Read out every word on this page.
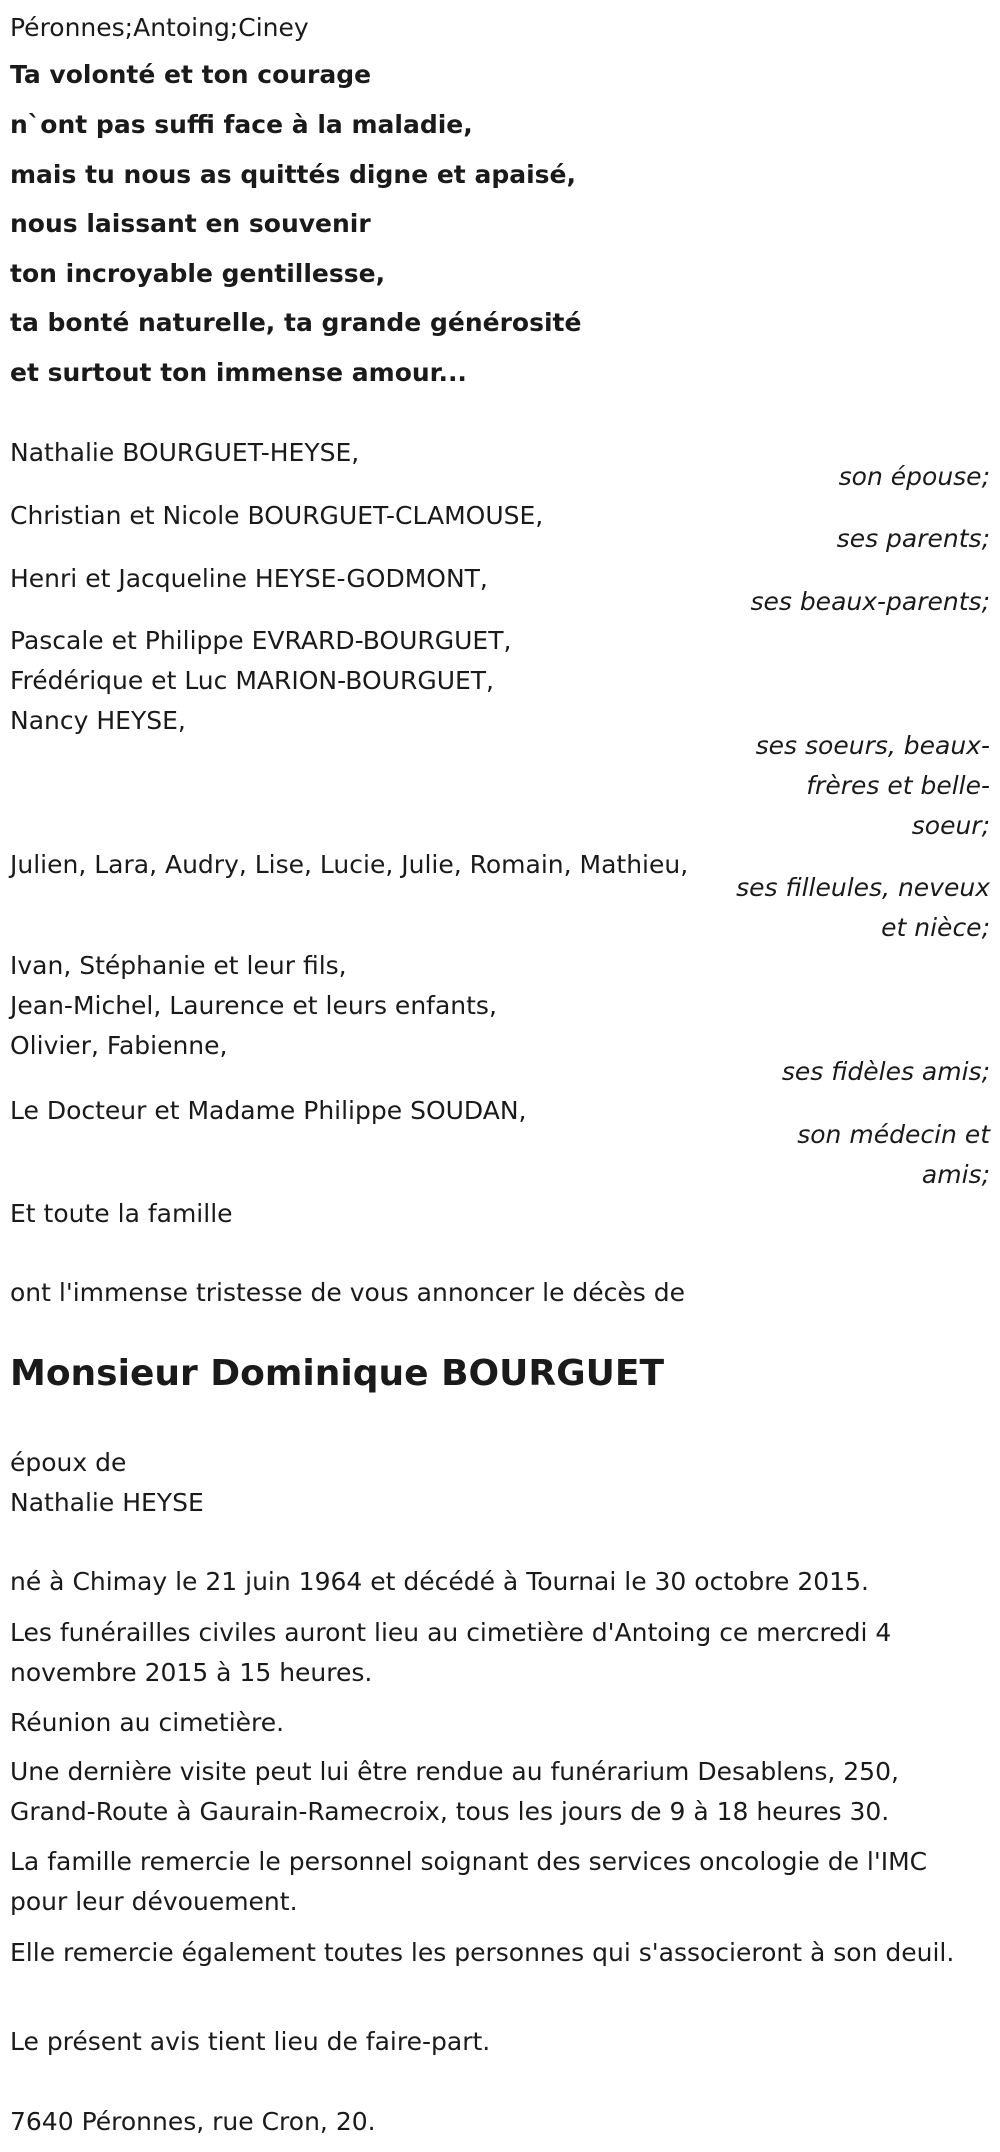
Péronnes;Antoing;Ciney
Ta volonté et ton courage
n`ont pas suffi face à la maladie,
mais tu nous as quittés digne et apaisé,
nous laissant en souvenir
ton incroyable gentillesse,
ta bonté naturelle, ta grande générosité
et surtout ton immense amour...
Nathalie BOURGUET-HEYSE,
son épouse;
Christian et Nicole BOURGUET-CLAMOUSE,
ses parents;
Henri et Jacqueline HEYSE-GODMONT,
ses beaux-parents;
Pascale et Philippe EVRARD-BOURGUET,
Frédérique et Luc MARION-BOURGUET,
Nancy HEYSE,
ses soeurs, beaux-frères et belle-soeur;
Julien, Lara, Audry, Lise, Lucie, Julie, Romain, Mathieu,
ses filleules, neveux et nièce;
Ivan, Stéphanie et leur fils,
Jean-Michel, Laurence et leurs enfants,
Olivier, Fabienne,
ses fidèles amis;
Le Docteur et Madame Philippe SOUDAN,
son médecin et amis;
Et toute la famille
ont l'immense tristesse de vous annoncer le décès de
Monsieur Dominique BOURGUET
époux de
Nathalie HEYSE
né à Chimay le 21 juin 1964 et décédé à Tournai le 30 octobre 2015.
Les funérailles civiles auront lieu au cimetière d'Antoing ce mercredi 4 novembre 2015 à 15 heures.
Réunion au cimetière.
Une dernière visite peut lui être rendue au funérarium Desablens, 250, Grand-Route à Gaurain-Ramecroix, tous les jours de 9 à 18 heures 30.
La famille remercie le personnel soignant des services oncologie de l'IMC pour leur dévouement.
Elle remercie également toutes les personnes qui s'associeront à son deuil.
Le présent avis tient lieu de faire-part.
7640 Péronnes, rue Cron, 20.
